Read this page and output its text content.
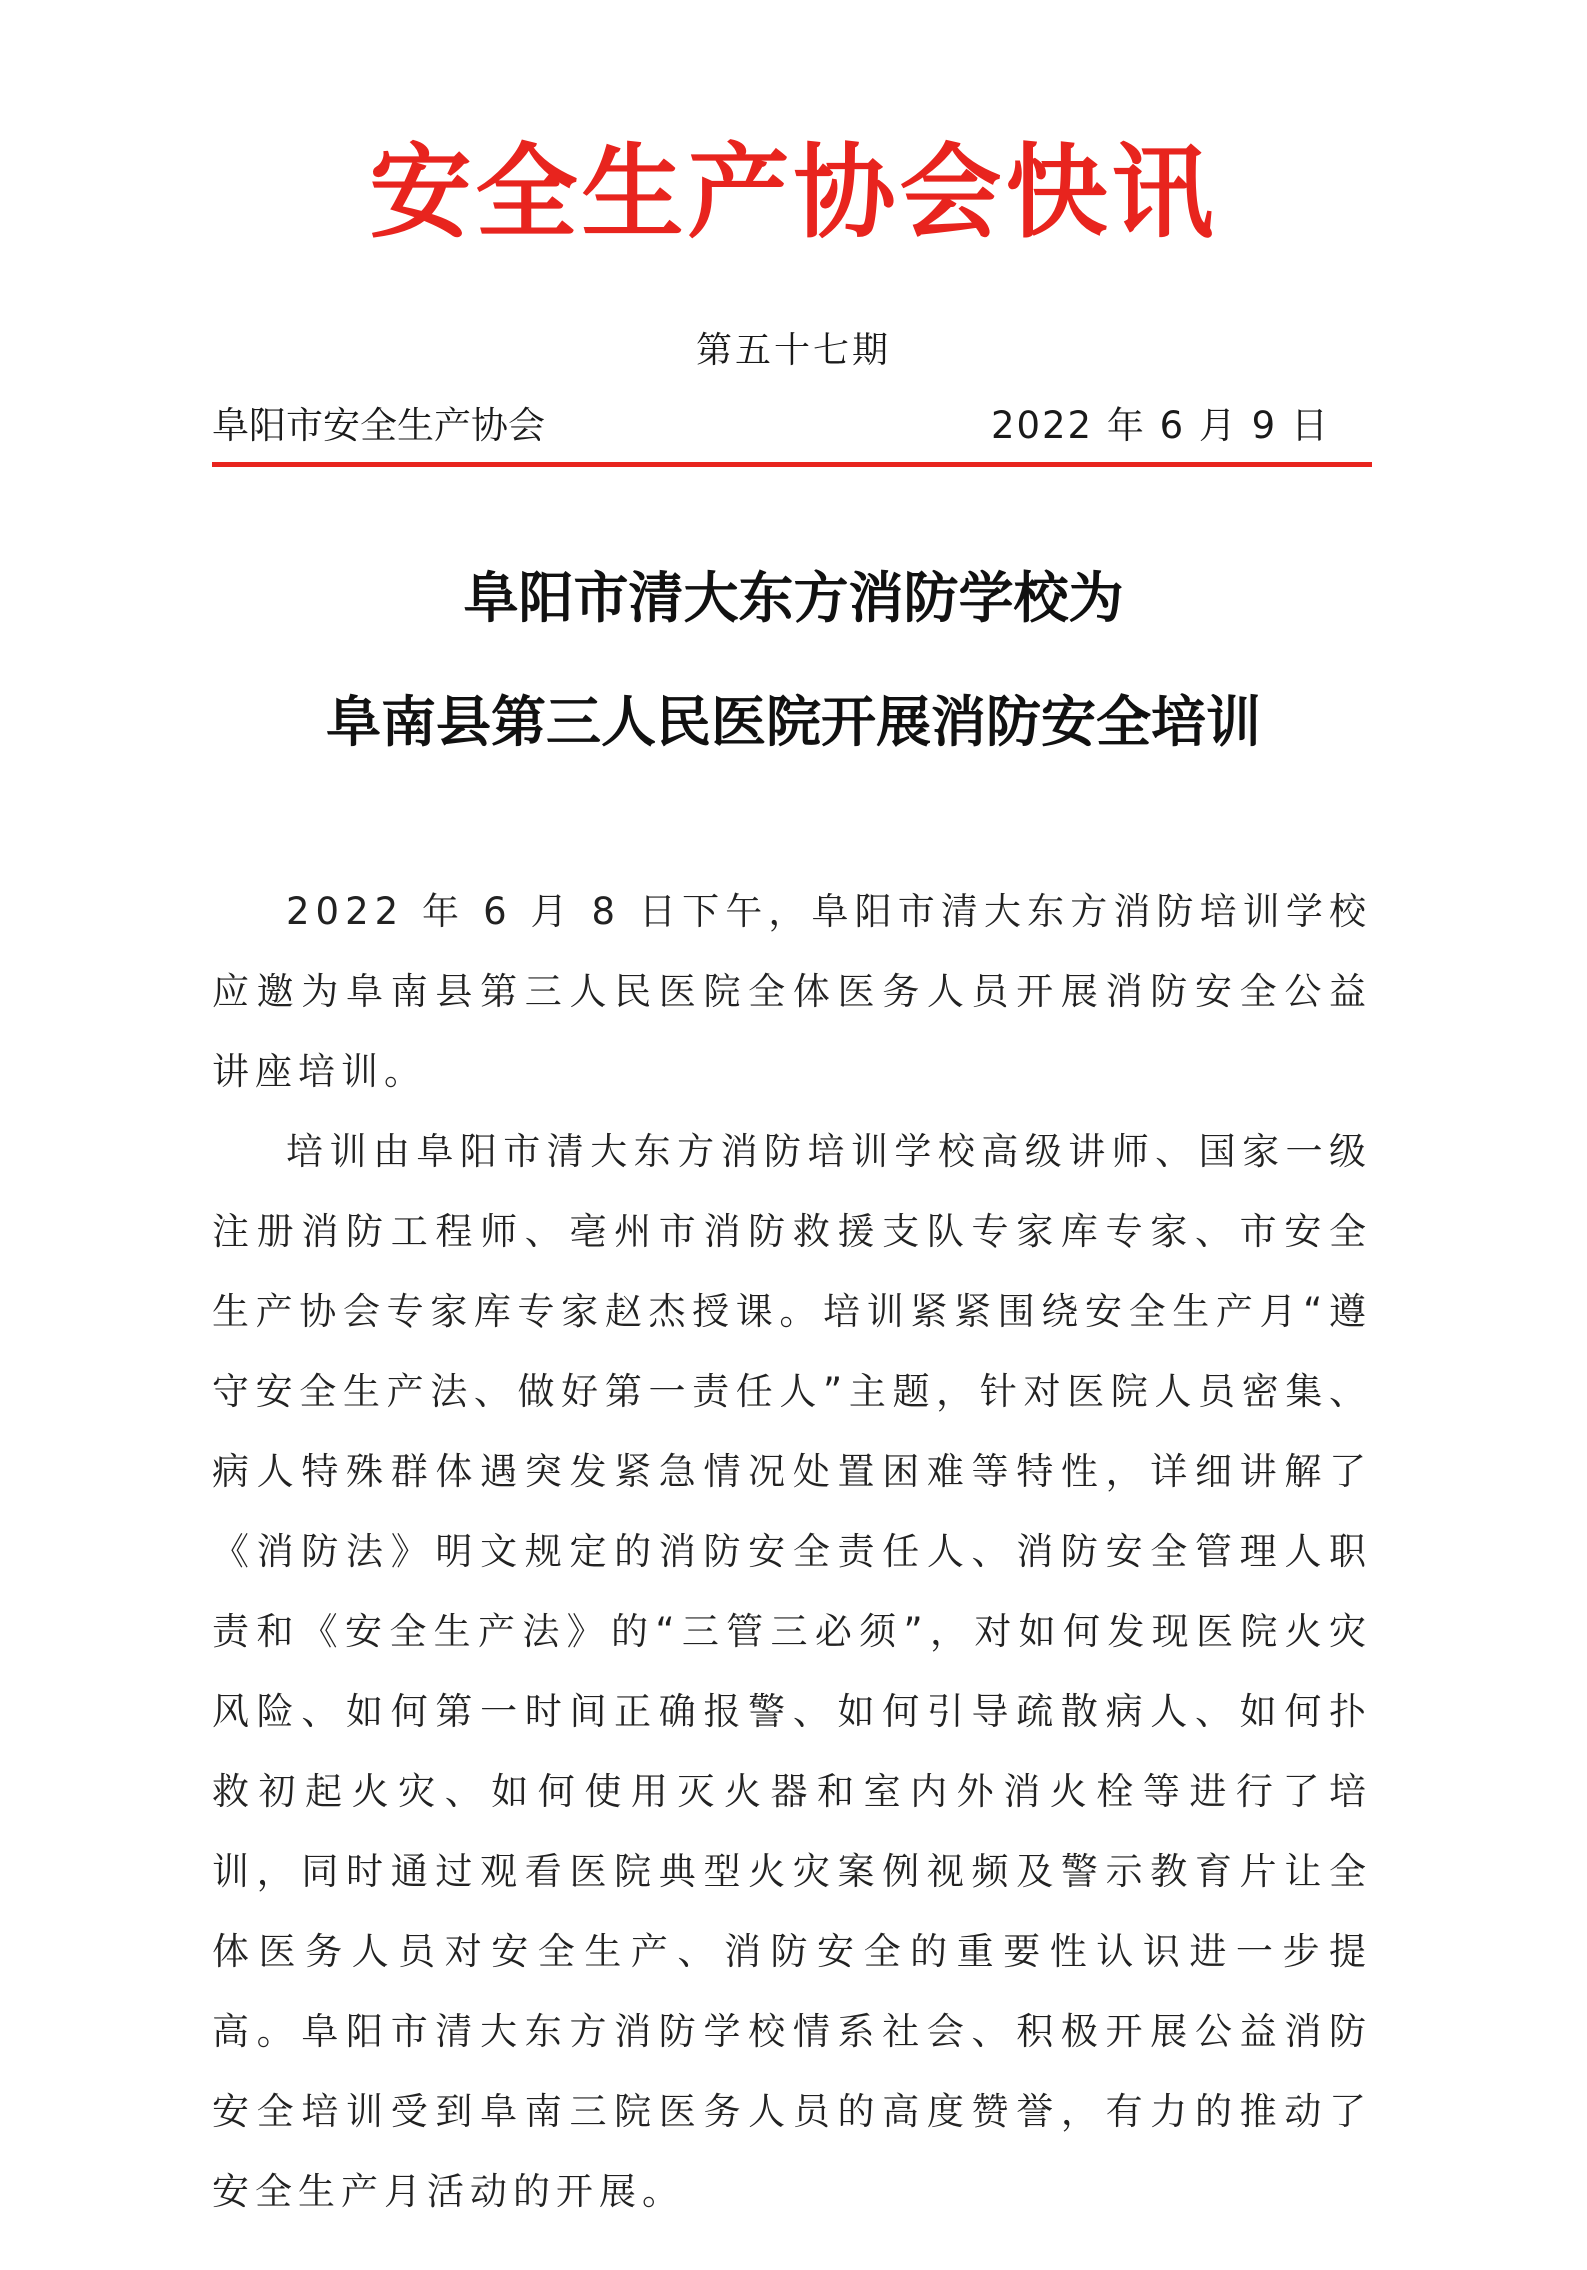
安全生产协会快讯
第五十七期
阜阳市安全生产协会	2022 年 6 月 9 日
阜阳市清大东方消防学校为
阜南县第三人民医院开展消防安全培训

2022 年 6 月 8 日下午，阜阳市清大东方消防培训学校应邀为阜南县第三人民医院全体医务人员开展消防安全公益讲座培训。

培训由阜阳市清大东方消防培训学校高级讲师、国家一级注册消防工程师、亳州市消防救援支队专家库专家、市安全生产协会专家库专家赵杰授课。培训紧紧围绕安全生产月“遵守安全生产法、做好第一责任人”主题，针对医院人员密集、病人特殊群体遇突发紧急情况处置困难等特性，详细讲解了《消防法》明文规定的消防安全责任人、消防安全管理人职责和《安全生产法》的“三管三必须”，对如何发现医院火灾风险、如何第一时间正确报警、如何引导疏散病人、如何扑救初起火灾、如何使用灭火器和室内外消火栓等进行了培训，同时通过观看医院典型火灾案例视频及警示教育片让全体医务人员对安全生产、消防安全的重要性认识进一步提高。阜阳市清大东方消防学校情系社会、积极开展公益消防安全培训受到阜南三院医务人员的高度赞誉，有力的推动了安全生产月活动的开展。
